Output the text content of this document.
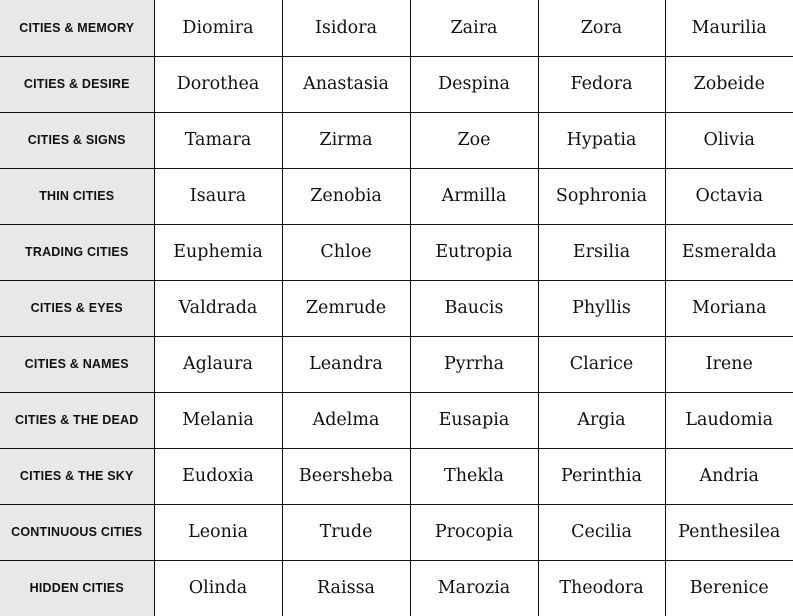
CITIES & MEMORY	Diomira	Isidora	Zaira	Zora	Maurilia
CITIES & DESIRE	Dorothea	Anastasia	Despina	Fedora	Zobeide
CITIES & SIGNS	Tamara	Zirma	Zoe	Hypatia	Olivia
THIN CITIES	Isaura	Zenobia	Armilla	Sophronia	Octavia
TRADING CITIES	Euphemia	Chloe	Eutropia	Ersilia	Esmeralda
CITIES & EYES	Valdrada	Zemrude	Baucis	Phyllis	Moriana
CITIES & NAMES	Aglaura	Leandra	Pyrrha	Clarice	Irene
CITIES & THE DEAD	Melania	Adelma	Eusapia	Argia	Laudomia
CITIES & THE SKY	Eudoxia	Beersheba	Thekla	Perinthia	Andria
CONTINUOUS CITIES	Leonia	Trude	Procopia	Cecilia	Penthesilea
HIDDEN CITIES	Olinda	Raissa	Marozia	Theodora	Berenice
